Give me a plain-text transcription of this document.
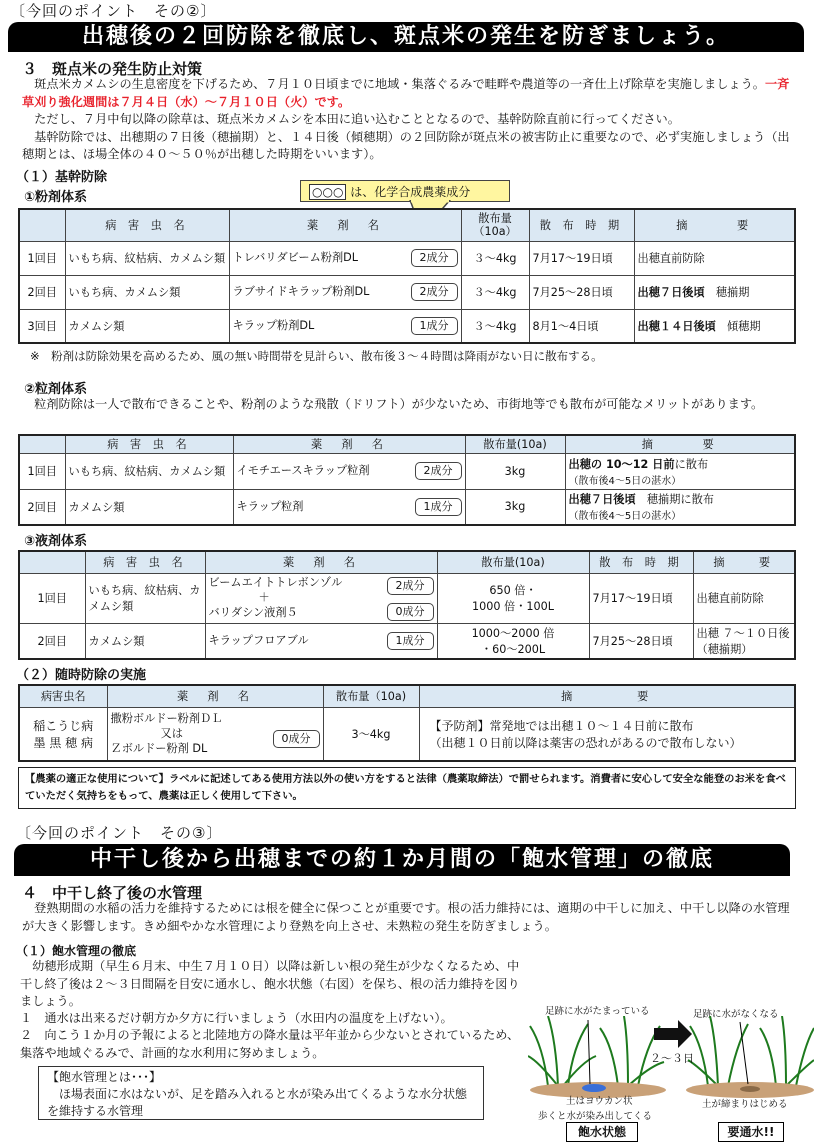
〔今回のポイント　その②〕
出穂後の２回防除を徹底し、斑点米の発生を防ぎましょう。
３　斑点米の発生防止対策
　斑点米カメムシの生息密度を下げるため、７月１０日頃までに地域・集落ぐるみで畦畔や農道等の一斉仕上げ除草を実施しましょう。一斉草刈り強化週間は７月４日（水）～７月１０日（火）です。
　ただし、７月中旬以降の除草は、斑点米カメムシを本田に追い込むこととなるので、基幹防除直前に行ってください。
　基幹防除では、出穂期の７日後（穂揃期）と、１４日後（傾穂期）の２回防除が斑点米の被害防止に重要なので、必ず実施しましょう（出穂期とは、ほ場全体の４０～５０％が出穂した時期をいいます）。
（１）基幹防除
①粉剤体系	○○○ は、化学合成農薬成分
	病 害 虫 名	薬　剤　名	散布量
（10a）	散 布 時 期	摘　　　要
1回目	いもち病、紋枯病、カメムシ類	トレバリダビーム粉剤DL 2成分	３～4kg	7月17～19日頃	出穂直前防除
2回目	いもち病、カメムシ類	ラブサイドキラップ粉剤DL 2成分	３～4kg	7月25～28日頃	出穂７日後頃　 穂揃期
3回目	カメムシ類	キラップ粉剤DL 1成分	３～4kg	8月1～4日頃	出穂１４日後頃　 傾穂期
※　粉剤は防除効果を高めるため、風の無い時間帯を見計らい、散布後３～４時間は降雨がない日に散布する。
②粒剤体系
　粒剤防除は一人で散布できることや、粉剤のような飛散（ドリフト）が少ないため、市街地等でも散布が可能なメリットがあります。
	病 害 虫 名	薬　剤　名	散布量(10a)	摘　　　要
1回目	いもち病、紋枯病、カメムシ類	イモチエースキラップ粒剤 2成分	3kg	出穂の 10～12 日前に散布
（散布後4～5日の湛水）
2回目	カメムシ類	キラップ粒剤 1成分	3kg	出穂７日後頃　穂揃期に散布
（散布後4～5日の湛水）
③液剤体系
	病 害 虫 名	薬　剤　名	散布量(10a)	散 布 時 期	摘　　要
1回目	いもち病、紋枯病、カメムシ類	ビームエイトトレボンゾル 2成分

＋
バリダシン液剤５ 0成分	650 倍・
1000 倍・100L	7月17～19日頃	出穂直前防除
2回目	カメムシ類	キラップフロアブル 1成分	1000～2000 倍
・60～200L	7月25～28日頃	出穂 ７～１０日後（穂揃期）
（２）随時防除の実施
病害虫名	薬　剤　名	散布量（10a)	摘　　　　要
稲こうじ病
墨 黒 穂 病	撒粉ボルドー粉剤ＤＬ
又は 0成分

Ｚボルドー粉剤 DL	3～4kg	【予防剤】常発地では出穂１０～１４日前に散布
（出穂１０日前以降は薬害の恐れがあるので散布しない）
【農薬の適正な使用について】ラベルに記述してある使用方法以外の使い方をすると法律（農薬取締法）で罰せられます。消費者に安心して安全な能登のお米を食べていただく気持ちをもって、農薬は正しく使用して下さい。
〔今回のポイント　その③〕
中干し後から出穂までの約１か月間の「飽水管理」の徹底
４　中干し終了後の水管理
　登熟期間の水稲の活力を維持するためには根を健全に保つことが重要です。根の活力維持には、適期の中干しに加え、中干し以降の水管理が大きく影響します。きめ細やかな水管理により登熟を向上させ、未熟粒の発生を防ぎましょう。
（１）飽水管理の徹底
　幼穂形成期（早生６月末、中生７月１０日）以降は新しい根の発生が少なくなるため、中干し終了後は２～３日間隔を目安に通水し、飽水状態（右図）を保ち、根の活力維持を図りましょう。
１　通水は出来るだけ朝方か夕方に行いましょう（水田内の温度を上げない）。
２　向こう１か月の予報によると北陸地方の降水量は平年並から少ないとされているため、集落や地域ぐるみで、計画的な水利用に努めましょう。
【飽水管理とは･･･】
　ほ場表面に水はないが、足を踏み入れると水が染み出てくるような水分状態を維持する水管理
足跡に水がたまっている	足跡に水がなくなる
２～３日
土はヨウカン状
歩くと水が染み出してくる
土が締まりはじめる
飽水状態	要通水!!
